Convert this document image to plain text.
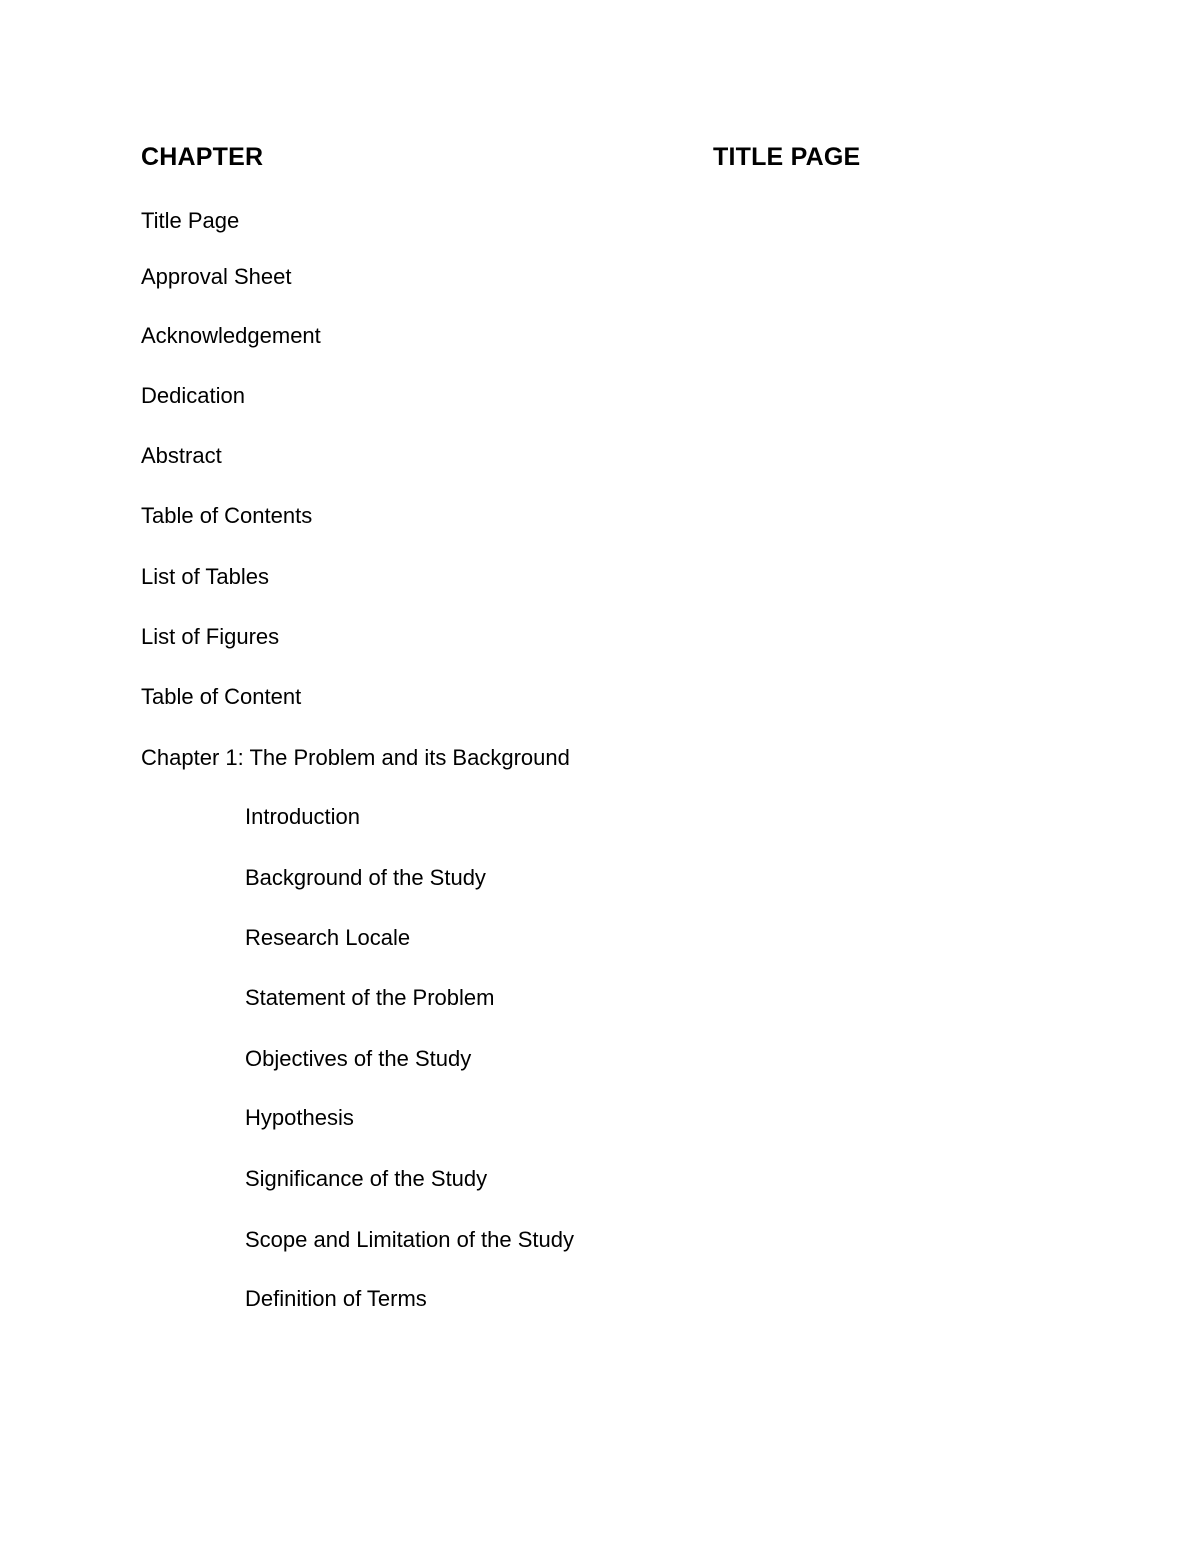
CHAPTER	TITLE PAGE
Title Page
Approval Sheet
Acknowledgement
Dedication
Abstract
Table of Contents
List of Tables
List of Figures
Table of Content
Chapter 1: The Problem and its Background
Introduction
Background of the Study
Research Locale
Statement of the Problem
Objectives of the Study
Hypothesis
Significance of the Study
Scope and Limitation of the Study
Definition of Terms
